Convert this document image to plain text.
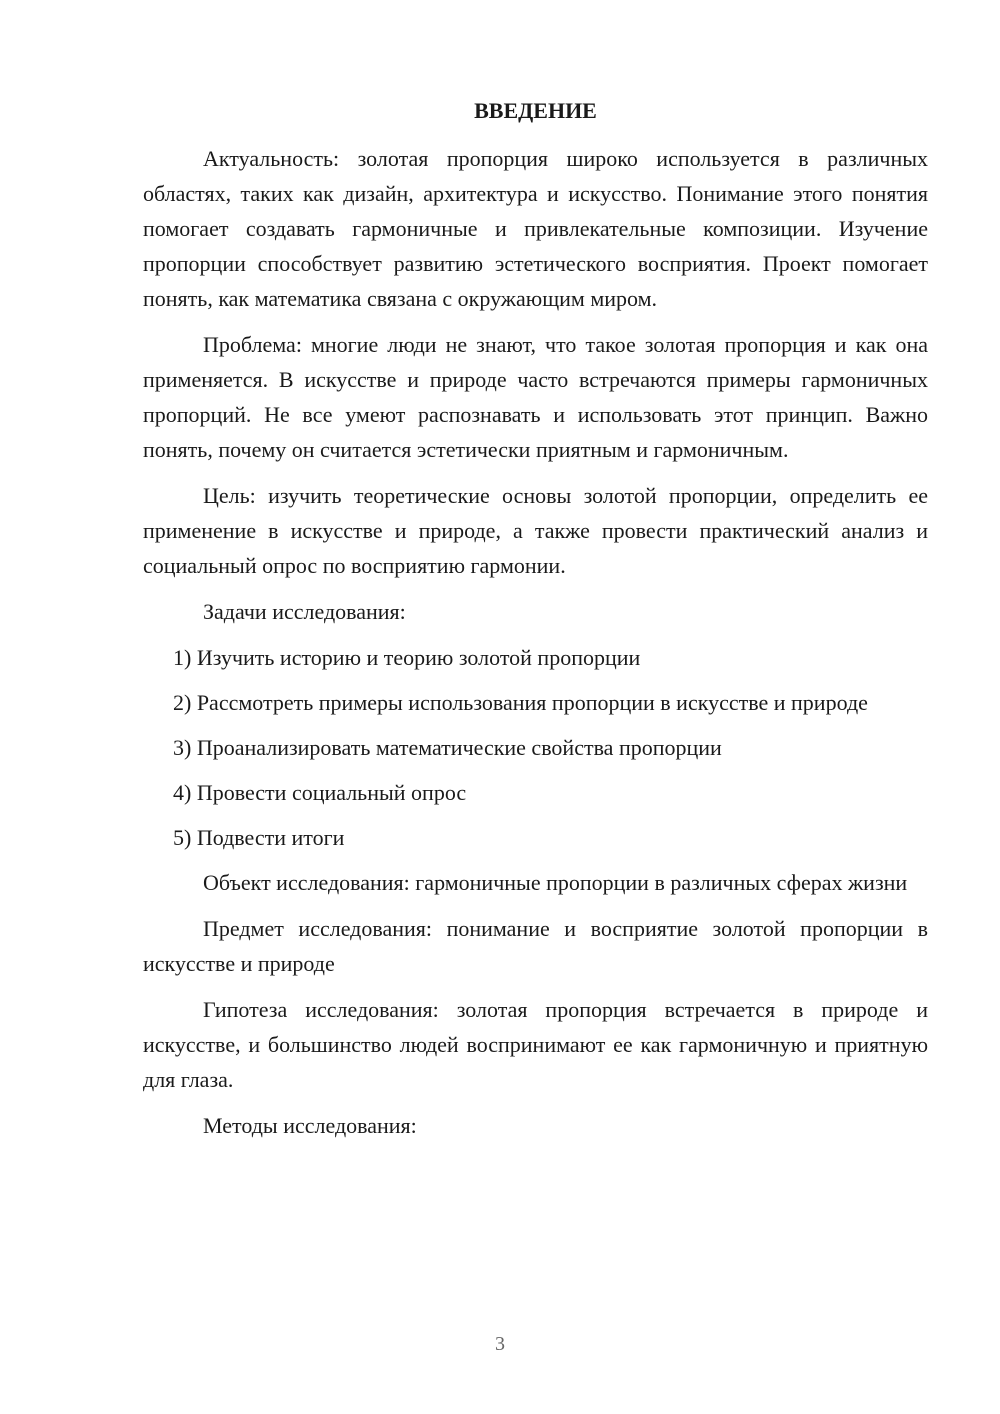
ВВЕДЕНИЕ

Актуальность: золотая пропорция широко используется в различных областях, таких как дизайн, архитектура и искусство. Понимание этого понятия помогает создавать гармоничные и привлекательные композиции. Изучение пропорции способствует развитию эстетического восприятия. Проект помогает понять, как математика связана с окружающим миром.

Проблема: многие люди не знают, что такое золотая пропорция и как она применяется. В искусстве и природе часто встречаются примеры гармоничных пропорций. Не все умеют распознавать и использовать этот принцип. Важно понять, почему он считается эстетически приятным и гармоничным.

Цель: изучить теоретические основы золотой пропорции, определить ее применение в искусстве и природе, а также провести практический анализ и социальный опрос по восприятию гармонии.

Задачи исследования:

1) Изучить историю и теорию золотой пропорции

2) Рассмотреть примеры использования пропорции в искусстве и природе

3) Проанализировать математические свойства пропорции

4) Провести социальный опрос

5) Подвести итоги

Объект исследования: гармоничные пропорции в различных сферах жизни

Предмет исследования: понимание и восприятие золотой пропорции в искусстве и природе

Гипотеза исследования: золотая пропорция встречается в природе и искусстве, и большинство людей воспринимают ее как гармоничную и приятную для глаза.

Методы исследования:

3
